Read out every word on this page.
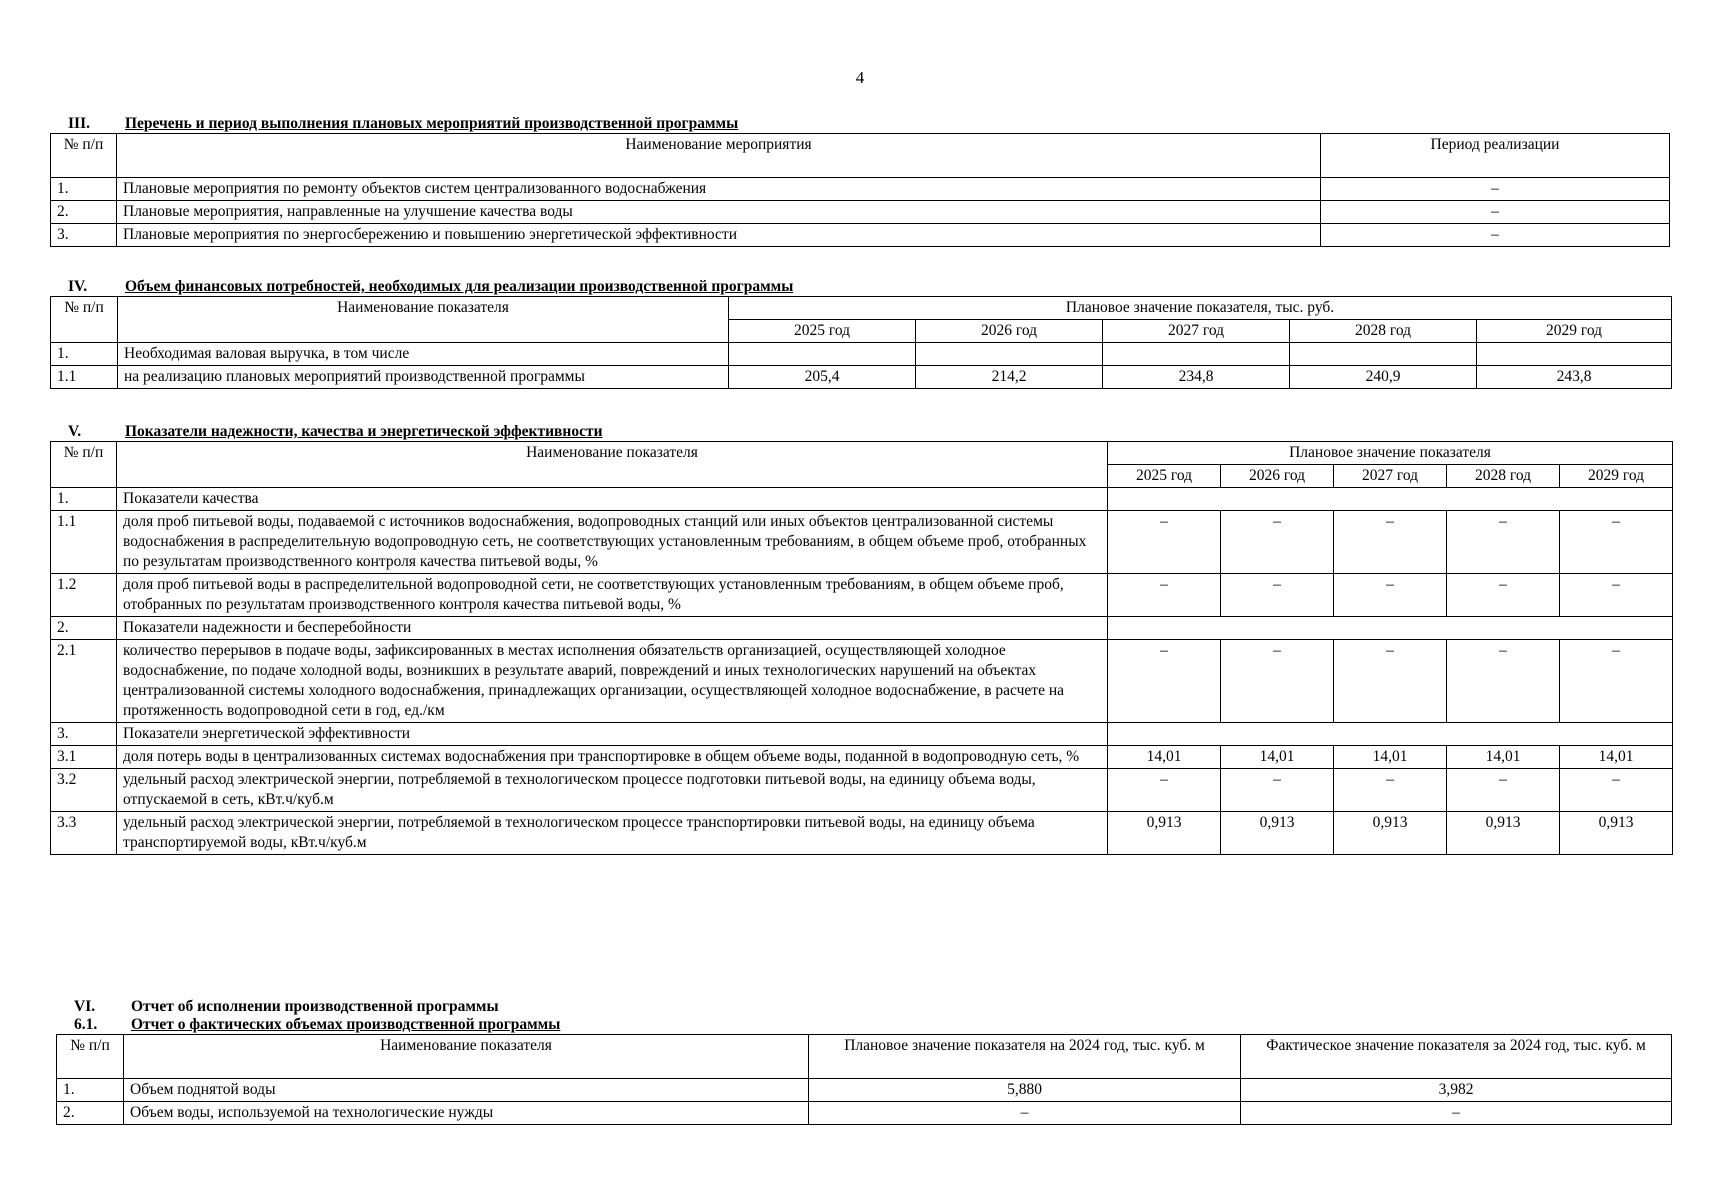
4
III.	Перечень и период выполнения плановых мероприятий производственной программы
№ п/п	Наименование мероприятия	Период реализации
1.	Плановые мероприятия по ремонту объектов систем централизованного водоснабжения	–
2.	Плановые мероприятия, направленные на улучшение качества воды	–
3.	Плановые мероприятия по энергосбережению и повышению энергетической эффективности	–
IV.	Объем финансовых потребностей, необходимых для реализации производственной программы
№ п/п	Наименование показателя	Плановое значение показателя, тыс. руб.				
		2025 год	2026 год	2027 год	2028 год	2029 год
1.	Необходимая валовая выручка, в том числе					
1.1	на реализацию плановых мероприятий производственной программы	205,4	214,2	234,8	240,9	243,8
V.	Показатели надежности, качества и энергетической эффективности
№ п/п	Наименование показателя	Плановое значение показателя				
		2025 год	2026 год	2027 год	2028 год	2029 год
1.	Показатели качества					
1.1	доля проб питьевой воды, подаваемой с источников водоснабжения, водопроводных станций или иных объектов централизованной системы водоснабжения в распределительную водопроводную сеть, не соответствующих установленным требованиям, в общем объеме проб, отобранных по результатам производственного контроля качества питьевой воды, %	–	–	–	–	–
1.2	доля проб питьевой воды в распределительной водопроводной сети, не соответствующих установленным требованиям, в общем объеме проб, отобранных по результатам производственного контроля качества питьевой воды, %	–	–	–	–	–
2.	Показатели надежности и бесперебойности					
2.1	количество перерывов в подаче воды, зафиксированных в местах исполнения обязательств организацией, осуществляющей холодное водоснабжение, по подаче холодной воды, возникших в результате аварий, повреждений и иных технологических нарушений на объектах централизованной системы холодного водоснабжения, принадлежащих организации, осуществляющей холодное водоснабжение, в расчете на протяженность водопроводной сети в год, ед./км	–	–	–	–	–
3.	Показатели энергетической эффективности					
3.1	доля потерь воды в централизованных системах водоснабжения при транспортировке в общем объеме воды, поданной в водопроводную сеть, %	14,01	14,01	14,01	14,01	14,01
3.2	удельный расход электрической энергии, потребляемой в технологическом процессе подготовки питьевой воды, на единицу объема воды, отпускаемой в сеть, кВт.ч/куб.м	–	–	–	–	–
3.3	удельный расход электрической энергии, потребляемой в технологическом процессе транспортировки питьевой воды, на единицу объема транспортируемой воды, кВт.ч/куб.м	0,913	0,913	0,913	0,913	0,913
VI.	Отчет об исполнении производственной программы
6.1.	Отчет о фактических объемах производственной программы
№ п/п	Наименование показателя	Плановое значение показателя на 2024 год, тыс. куб. м	Фактическое значение показателя за 2024 год, тыс. куб. м
1.	Объем поднятой воды	5,880	3,982
2.	Объем воды, используемой на технологические нужды	–	–
